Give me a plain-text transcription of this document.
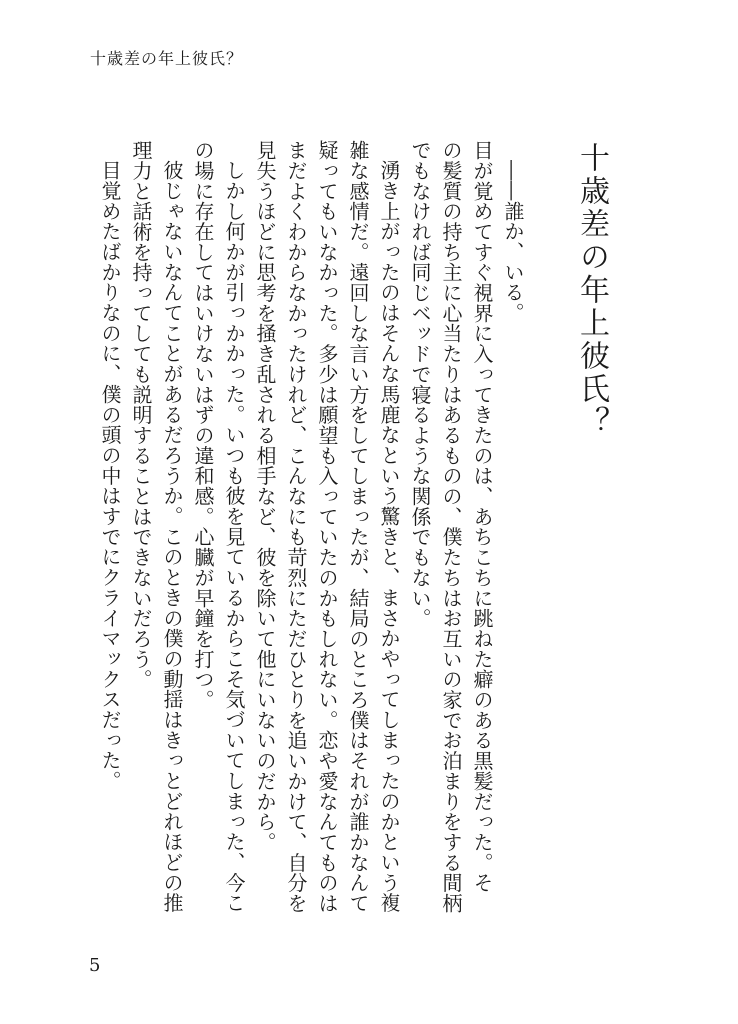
十歳差の年上彼氏？
十歳差の年上彼氏？

――誰か、いる。

目が覚めてすぐ視界に入ってきたのは、あちこちに跳ねた癖のある黒髪だった。そ

の髪質の持ち主に心当たりはあるものの、僕たちはお互いの家でお泊まりをする間柄

でもなければ同じベッドで寝るような関係でもない。

湧き上がったのはそんな馬鹿なという驚きと、まさかやってしまったのかという複

雑な感情だ。遠回しな言い方をしてしまったが、結局のところ僕はそれが誰かなんて

疑ってもいなかった。多少は願望も入っていたのかもしれない。恋や愛なんてものは

まだよくわからなかったけれど、こんなにも苛烈にただひとりを追いかけて、自分を

見失うほどに思考を掻き乱される相手など、彼を除いて他にいないのだから。

しかし何かが引っかかった。いつも彼を見ているからこそ気づいてしまった、今こ

の場に存在してはいけないはずの違和感。心臓が早鐘を打つ。

彼じゃないなんてことがあるだろうか。このときの僕の動揺はきっとどれほどの推

理力と話術を持ってしても説明することはできないだろう。

目覚めたばかりなのに、僕の頭の中はすでにクライマックスだった。

5
